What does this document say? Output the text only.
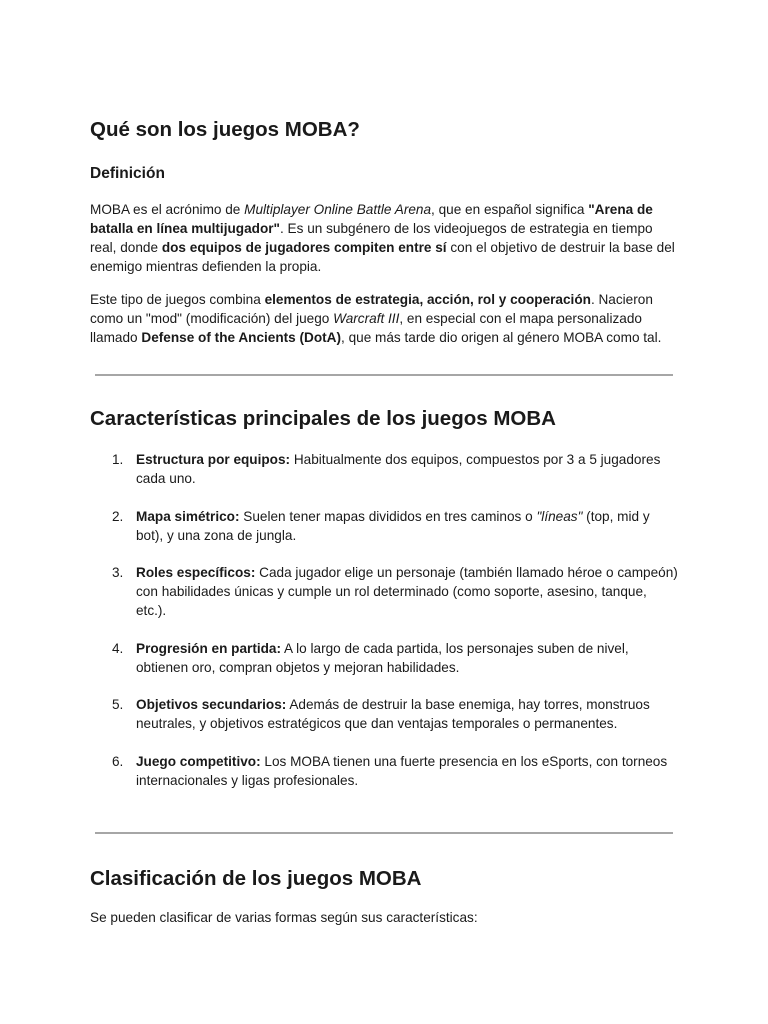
Qué son los juegos MOBA?
Definición

MOBA es el acrónimo de Multiplayer Online Battle Arena, que en español significa "Arena de batalla en línea multijugador". Es un subgénero de los videojuegos de estrategia en tiempo real, donde dos equipos de jugadores compiten entre sí con el objetivo de destruir la base del enemigo mientras defienden la propia.

Este tipo de juegos combina elementos de estrategia, acción, rol y cooperación. Nacieron como un "mod" (modificación) del juego Warcraft III, en especial con el mapa personalizado llamado Defense of the Ancients (DotA), que más tarde dio origen al género MOBA como tal.

Características principales de los juegos MOBA
1. Estructura por equipos: Habitualmente dos equipos, compuestos por 3 a 5 jugadores cada uno.
2. Mapa simétrico: Suelen tener mapas divididos en tres caminos o "líneas" (top, mid y bot), y una zona de jungla.
3. Roles específicos: Cada jugador elige un personaje (también llamado héroe o campeón) con habilidades únicas y cumple un rol determinado (como soporte, asesino, tanque, etc.).
4. Progresión en partida: A lo largo de cada partida, los personajes suben de nivel, obtienen oro, compran objetos y mejoran habilidades.
5. Objetivos secundarios: Además de destruir la base enemiga, hay torres, monstruos neutrales, y objetivos estratégicos que dan ventajas temporales o permanentes.
6. Juego competitivo: Los MOBA tienen una fuerte presencia en los eSports, con torneos internacionales y ligas profesionales.
Clasificación de los juegos MOBA

Se pueden clasificar de varias formas según sus características:
